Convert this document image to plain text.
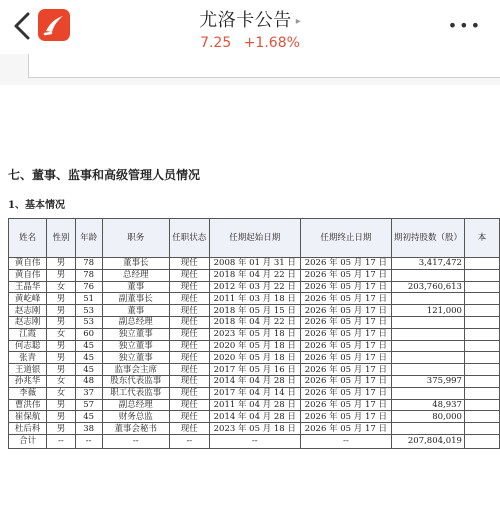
尤洛卡公告 ▸
7.25 +1.68%
•••
七、董事、监事和高级管理人员情况
1、基本情况
姓名	性别	年龄	职务	任职状态	任期起始日期	任期终止日期	期初持股数（股）	本
黄自伟	男	78	董事长	现任	2008 年 01 月 31 日	2026 年 05 月 17 日	3,417,472	
黄自伟	男	78	总经理	现任	2018 年 04 月 22 日	2026 年 05 月 17 日		
王晶华	女	76	董事	现任	2012 年 03 月 22 日	2026 年 05 月 17 日	203,760,613	
黄屹峰	男	51	副董事长	现任	2011 年 03 月 18 日	2026 年 05 月 17 日		
赵志刚	男	53	董事	现任	2018 年 05 月 15 日	2026 年 05 月 17 日	121,000	
赵志刚	男	53	副总经理	现任	2018 年 04 月 22 日	2026 年 05 月 17 日		
江霞	女	60	独立董事	现任	2023 年 05 月 18 日	2026 年 05 月 17 日		
何志聪	男	45	独立董事	现任	2020 年 05 月 18 日	2026 年 05 月 17 日		
张青	男	45	独立董事	现任	2020 年 05 月 18 日	2026 年 05 月 17 日		
王道银	男	45	监事会主席	现任	2017 年 05 月 16 日	2026 年 05 月 17 日		
孙兆华	女	48	股东代表监事	现任	2014 年 04 月 28 日	2026 年 05 月 17 日	375,997	
李薇	女	37	职工代表监事	现任	2017 年 04 月 14 日	2026 年 05 月 17 日		
曹洪伟	男	57	副总经理	现任	2011 年 04 月 28 日	2026 年 05 月 17 日	48,937	
崔保航	男	45	财务总监	现任	2014 年 04 月 28 日	2026 年 05 月 17 日	80,000	
杜后科	男	38	董事会秘书	现任	2023 年 05 月 18 日	2026 年 05 月 17 日		
合计	--	--	--	--	--	--	207,804,019	
